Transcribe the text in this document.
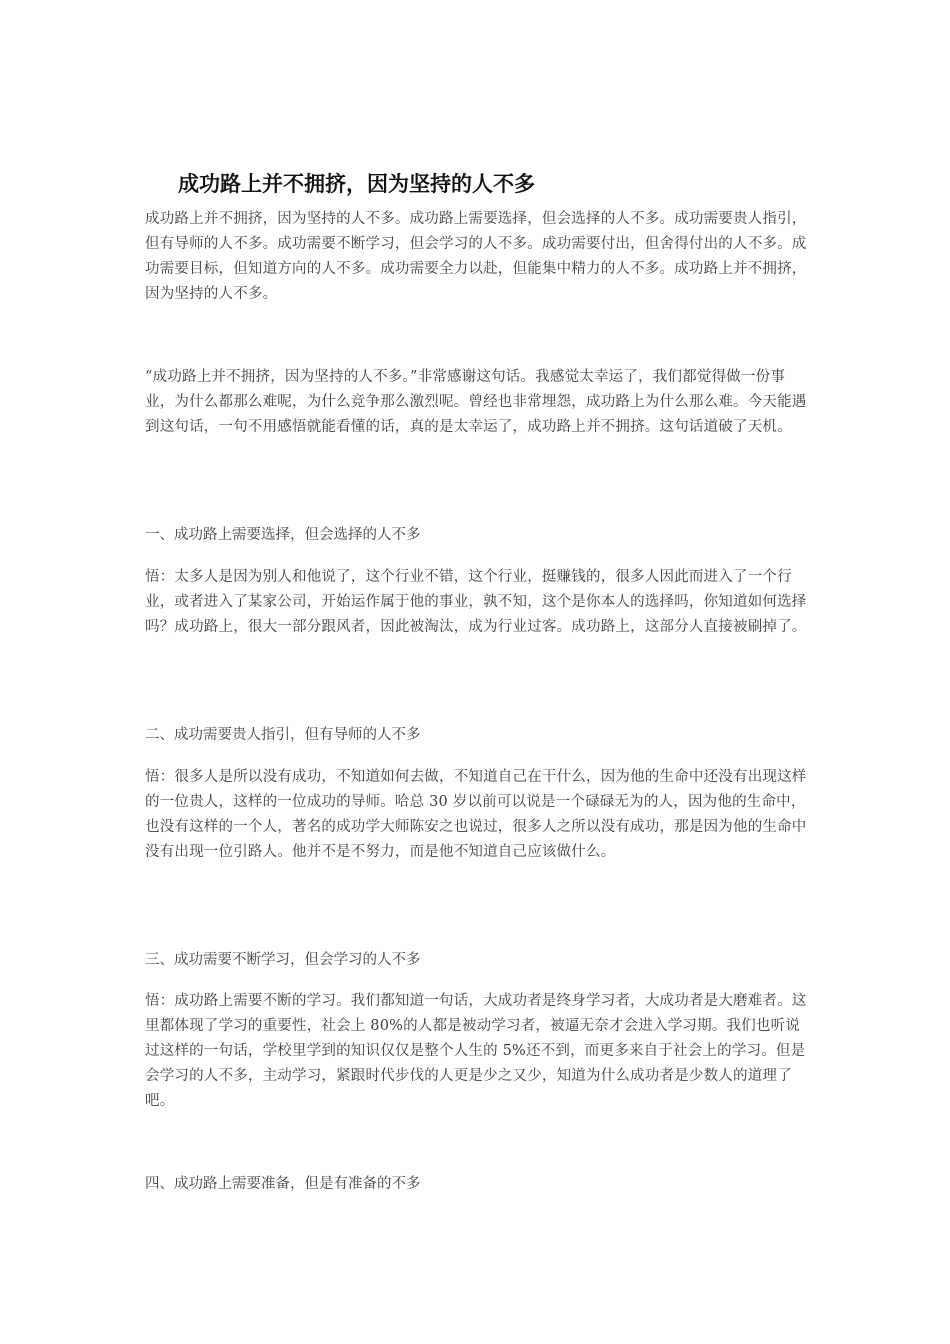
成功路上并不拥挤，因为坚持的人不多
成功路上并不拥挤，因为坚持的人不多。成功路上需要选择，但会选择的人不多。成功需要贵人指引，但有导师的人不多。成功需要不断学习，但会学习的人不多。成功需要付出，但舍得付出的人不多。成功需要目标，但知道方向的人不多。成功需要全力以赴，但能集中精力的人不多。成功路上并不拥挤，因为坚持的人不多。
“成功路上并不拥挤，因为坚持的人不多。”非常感谢这句话。我感觉太幸运了，我们都觉得做一份事业，为什么都那么难呢，为什么竞争那么激烈呢。曾经也非常埋怨，成功路上为什么那么难。今天能遇到这句话，一句不用感悟就能看懂的话，真的是太幸运了，成功路上并不拥挤。这句话道破了天机。
一、成功路上需要选择，但会选择的人不多
悟：太多人是因为别人和他说了，这个行业不错，这个行业，挺赚钱的，很多人因此而进入了一个行业，或者进入了某家公司，开始运作属于他的事业，孰不知，这个是你本人的选择吗，你知道如何选择吗？成功路上，很大一部分跟风者，因此被淘汰，成为行业过客。成功路上，这部分人直接被刷掉了。
二、成功需要贵人指引，但有导师的人不多
悟：很多人是所以没有成功，不知道如何去做，不知道自己在干什么，因为他的生命中还没有出现这样的一位贵人，这样的一位成功的导师。哈总 30 岁以前可以说是一个碌碌无为的人，因为他的生命中，也没有这样的一个人，著名的成功学大师陈安之也说过，很多人之所以没有成功，那是因为他的生命中没有出现一位引路人。他并不是不努力，而是他不知道自己应该做什么。
三、成功需要不断学习，但会学习的人不多
悟：成功路上需要不断的学习。我们都知道一句话，大成功者是终身学习者，大成功者是大磨难者。这里都体现了学习的重要性，社会上 80%的人都是被动学习者，被逼无奈才会进入学习期。我们也听说过这样的一句话，学校里学到的知识仅仅是整个人生的 5%还不到，而更多来自于社会上的学习。但是会学习的人不多，主动学习，紧跟时代步伐的人更是少之又少，知道为什么成功者是少数人的道理了吧。
四、成功路上需要准备，但是有准备的不多
